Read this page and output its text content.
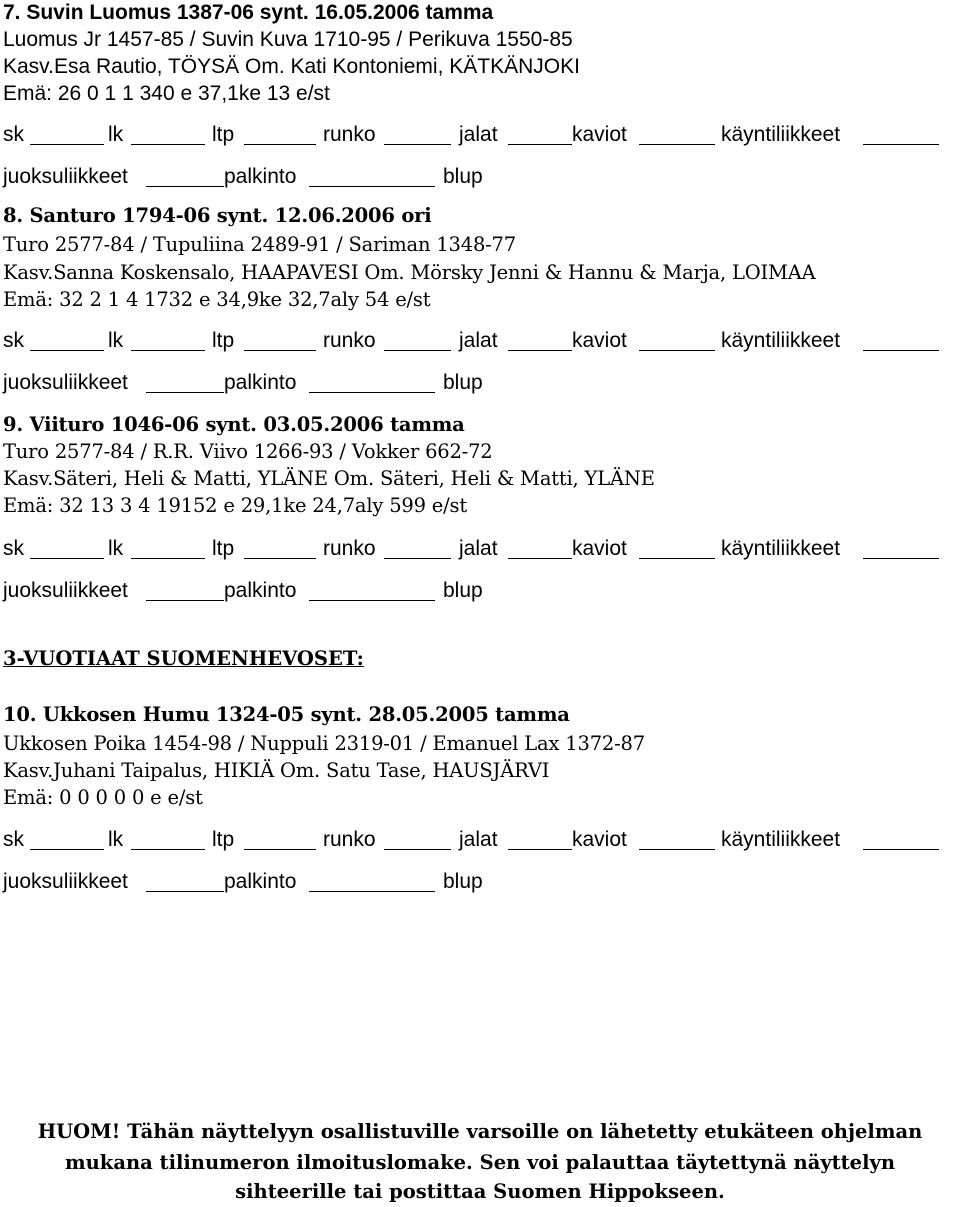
7. Suvin Luomus 1387-06 synt. 16.05.2006 tamma
Luomus Jr 1457-85 / Suvin Kuva 1710-95 / Perikuva 1550-85
Kasv.Esa Rautio, TÖYSÄ Om. Kati Kontoniemi, KÄTKÄNJOKI
Emä: 26 0 1 1 340 e 37,1ke 13 e/st
sk	lk	ltp	runko	jalat	kaviot	käyntiliikkeet
juoksuliikkeet	palkinto	blup
8. Santuro 1794-06 synt. 12.06.2006 ori
Turo 2577-84 / Tupuliina 2489-91 / Sariman 1348-77
Kasv.Sanna Koskensalo, HAAPAVESI Om. Mörsky Jenni & Hannu & Marja, LOIMAA
Emä: 32 2 1 4 1732 e 34,9ke 32,7aly 54 e/st
sk	lk	ltp	runko	jalat	kaviot	käyntiliikkeet
juoksuliikkeet	palkinto	blup
9. Viituro 1046-06 synt. 03.05.2006 tamma
Turo 2577-84 / R.R. Viivo 1266-93 / Vokker 662-72
Kasv.Säteri, Heli & Matti, YLÄNE Om. Säteri, Heli & Matti, YLÄNE
Emä: 32 13 3 4 19152 e 29,1ke 24,7aly 599 e/st
sk	lk	ltp	runko	jalat	kaviot	käyntiliikkeet
juoksuliikkeet	palkinto	blup
3-VUOTIAAT SUOMENHEVOSET:
10. Ukkosen Humu 1324-05 synt. 28.05.2005 tamma
Ukkosen Poika 1454-98 / Nuppuli 2319-01 / Emanuel Lax 1372-87
Kasv.Juhani Taipalus, HIKIÄ Om. Satu Tase, HAUSJÄRVI
Emä: 0 0 0 0 0 e e/st
sk	lk	ltp	runko	jalat	kaviot	käyntiliikkeet
juoksuliikkeet	palkinto	blup
HUOM! Tähän näyttelyyn osallistuville varsoille on lähetetty etukäteen ohjelman
mukana tilinumeron ilmoituslomake. Sen voi palauttaa täytettynä näyttelyn
sihteerille tai postittaa Suomen Hippokseen.
